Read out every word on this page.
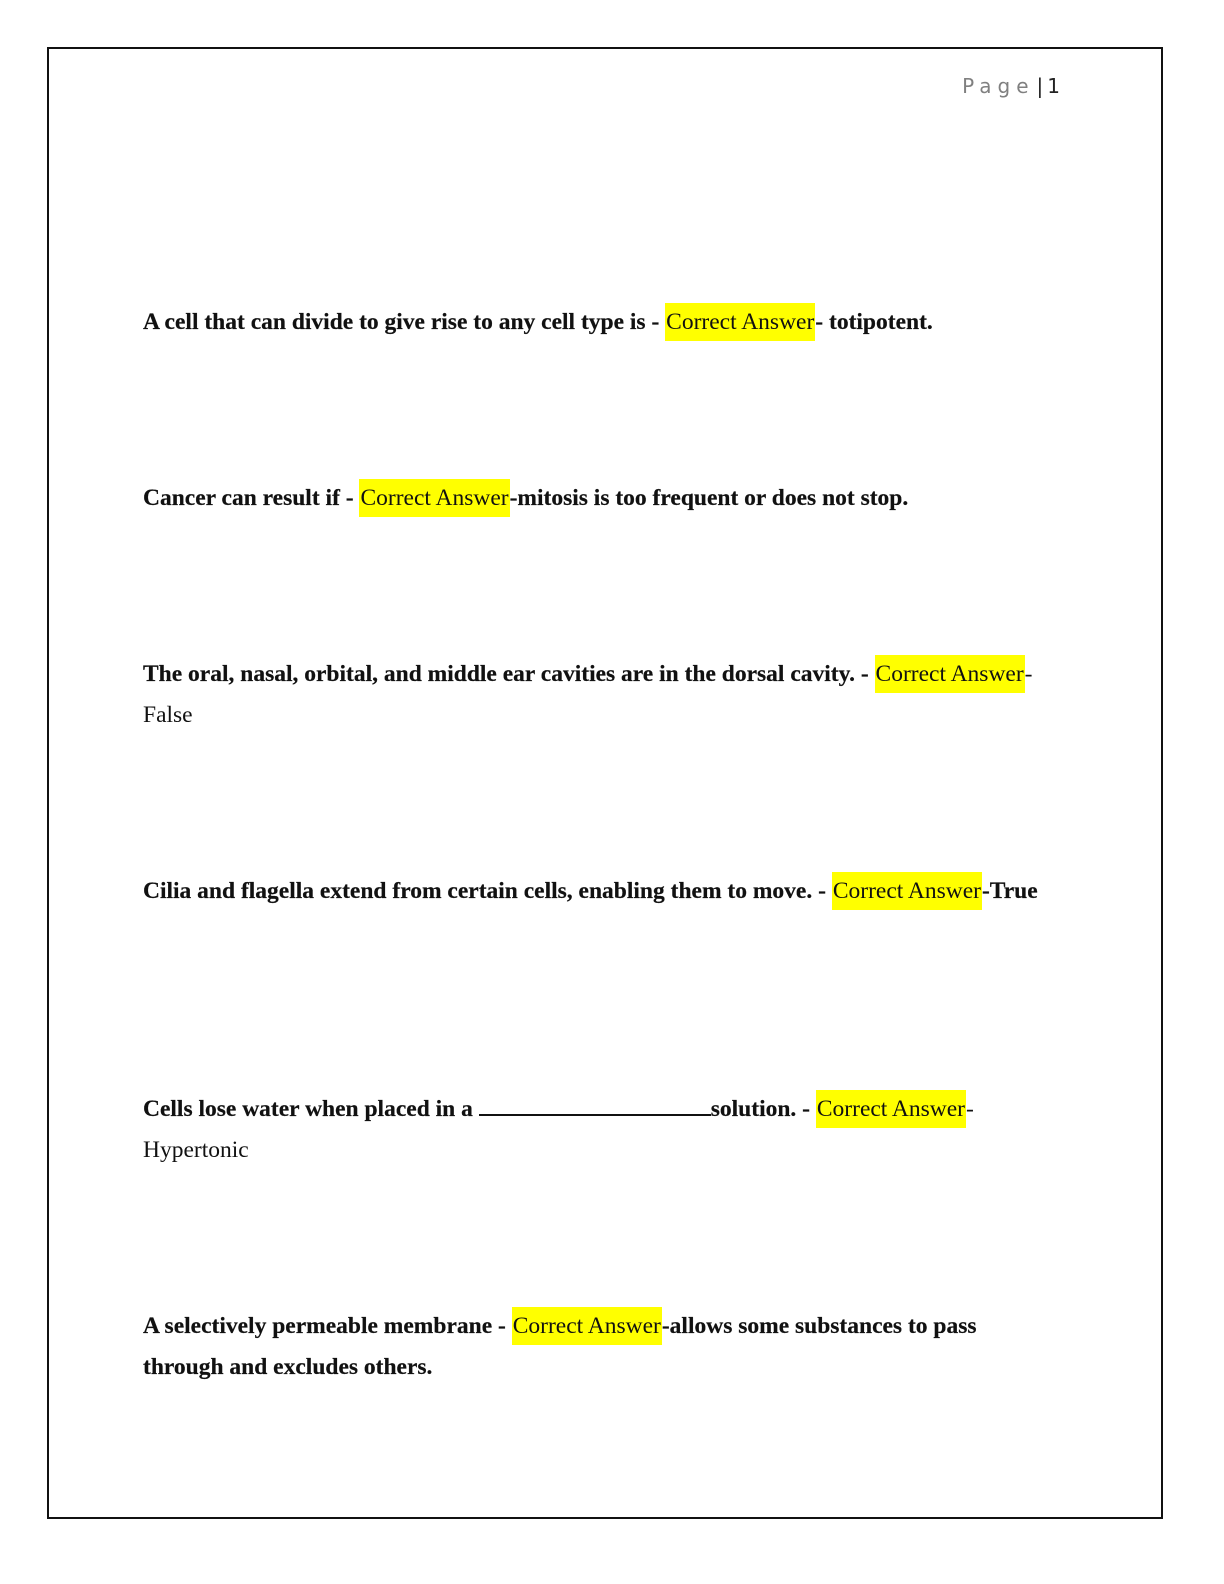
Page | 1
A cell that can divide to give rise to any cell type is - Correct Answer- totipotent.
Cancer can result if - Correct Answer-mitosis is too frequent or does not stop.
The oral, nasal, orbital, and middle ear cavities are in the dorsal cavity. - Correct Answer-False
Cilia and flagella extend from certain cells, enabling them to move. - Correct Answer-True
Cells lose water when placed in a	solution. - Correct Answer-Hypertonic
A selectively permeable membrane - Correct Answer-allows some substances to pass through and excludes others.
